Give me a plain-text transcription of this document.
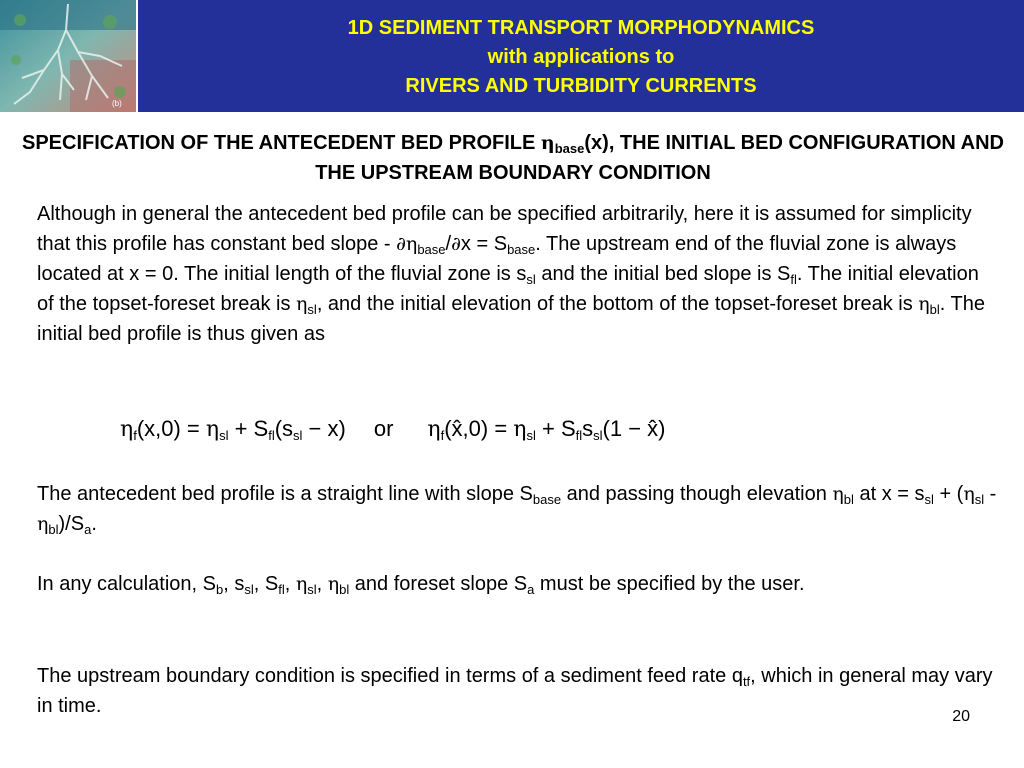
(b)
1D SEDIMENT TRANSPORT MORPHODYNAMICS
with applications to
RIVERS AND TURBIDITY CURRENTS
SPECIFICATION OF THE ANTECEDENT BED PROFILE $\eta_{base}(x)$, THE INITIAL BED CONFIGURATION AND THE UPSTREAM BOUNDARY CONDITION
Although in general the antecedent bed profile can be specified arbitrarily, here it is assumed for simplicity that this profile has constant bed slope - $\partial\eta_{base}/\partial x = S_{base}$. The upstream end of the fluvial zone is always located at x = 0. The initial length of the fluvial zone is $s_{sl}$ and the initial bed slope is $S_{fl}$. The initial elevation of the topset-foreset break is $\eta_{sl}$, and the initial elevation of the bottom of the topset-foreset break is $\eta_{bl}$. The initial bed profile is thus given as
$\eta_f(x,0) = \eta_{sl} + S_{fl}(s_{sl} - x)$ or $\eta_f(x̂,0) = \eta_{sl} + S_{fl}s_{sl}(1$ − x̂)
The antecedent bed profile is a straight line with slope $S_{base}$ and passing though elevation $\eta_{bl}$ at $x = s_{sl} + (\eta_{sl} - \eta_{bl})/S_a$.
In any calculation, $S_b$, $s_{sl}$, $S_{fl}$, $\eta_{sl}$, $\eta_{bl}$ and foreset slope $S_a$ must be specified by the user.
The upstream boundary condition is specified in terms of a sediment feed rate $q_{tf}$, which in general may vary in time.	20
